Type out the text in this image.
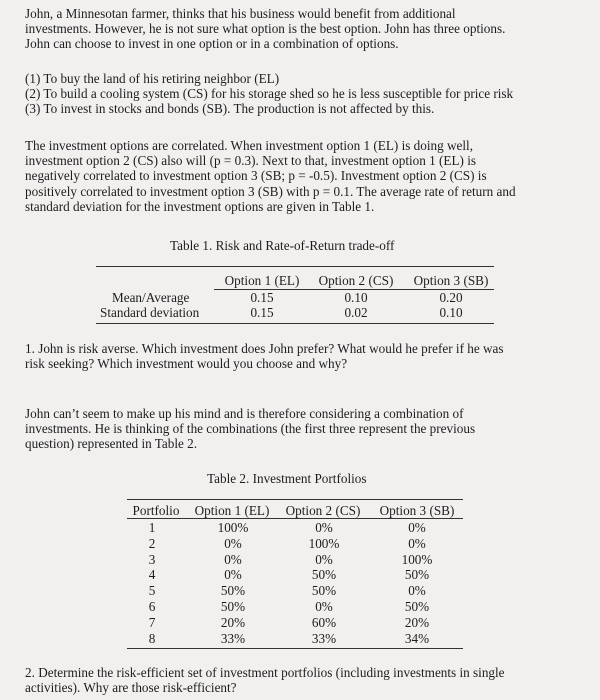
John, a Minnesotan farmer, thinks that his business would benefit from additional

investments. However, he is not sure what option is the best option. John has three options.

John can choose to invest in one option or in a combination of options.

(1) To buy the land of his retiring neighbor (EL)

(2) To build a cooling system (CS) for his storage shed so he is less susceptible for price risk

(3) To invest in stocks and bonds (SB). The production is not affected by this.

The investment options are correlated. When investment option 1 (EL) is doing well,

investment option 2 (CS) also will (p = 0.3). Next to that, investment option 1 (EL) is

negatively correlated to investment option 3 (SB; p = -0.5). Investment option 2 (CS) is

positively correlated to investment option 3 (SB) with p = 0.1. The average rate of return and

standard deviation for the investment options are given in Table 1.

Table 1. Risk and Rate-of-Return trade-off
Option 1 (EL) Option 2 (CS) Option 3 (SB)
Mean/Average	0.15	0.10	0.20
Standard deviation	0.15	0.02	0.10

1. John is risk averse. Which investment does John prefer? What would he prefer if he was

risk seeking? Which investment would you choose and why?

John can’t seem to make up his mind and is therefore considering a combination of

investments. He is thinking of the combinations (the first three represent the previous

question) represented in Table 2.

Table 2. Investment Portfolios
Portfolio Option 1 (EL) Option 2 (CS) Option 3 (SB)
1	100%	0%	0%
2	0%	100%	0%
3	0%	0%	100%
4	0%	50%	50%
5	50%	50%	0%
6	50%	0%	50%
7	20%	60%	20%
8	33%	33%	34%

2. Determine the risk-efficient set of investment portfolios (including investments in single

activities). Why are those risk-efficient?
